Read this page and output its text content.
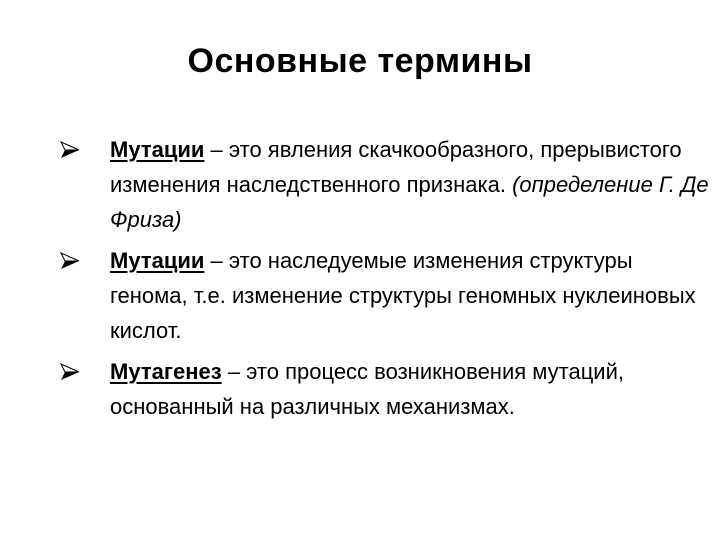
Основные термины
Мутации – это явления скачкообразного, прерывистого изменения наследственного признака. (определение Г. Де Фриза)
Мутации – это наследуемые изменения структуры генома, т.е. изменение структуры геномных нуклеиновых кислот.
Мутагенез – это процесс возникновения мутаций, основанный на различных механизмах.
